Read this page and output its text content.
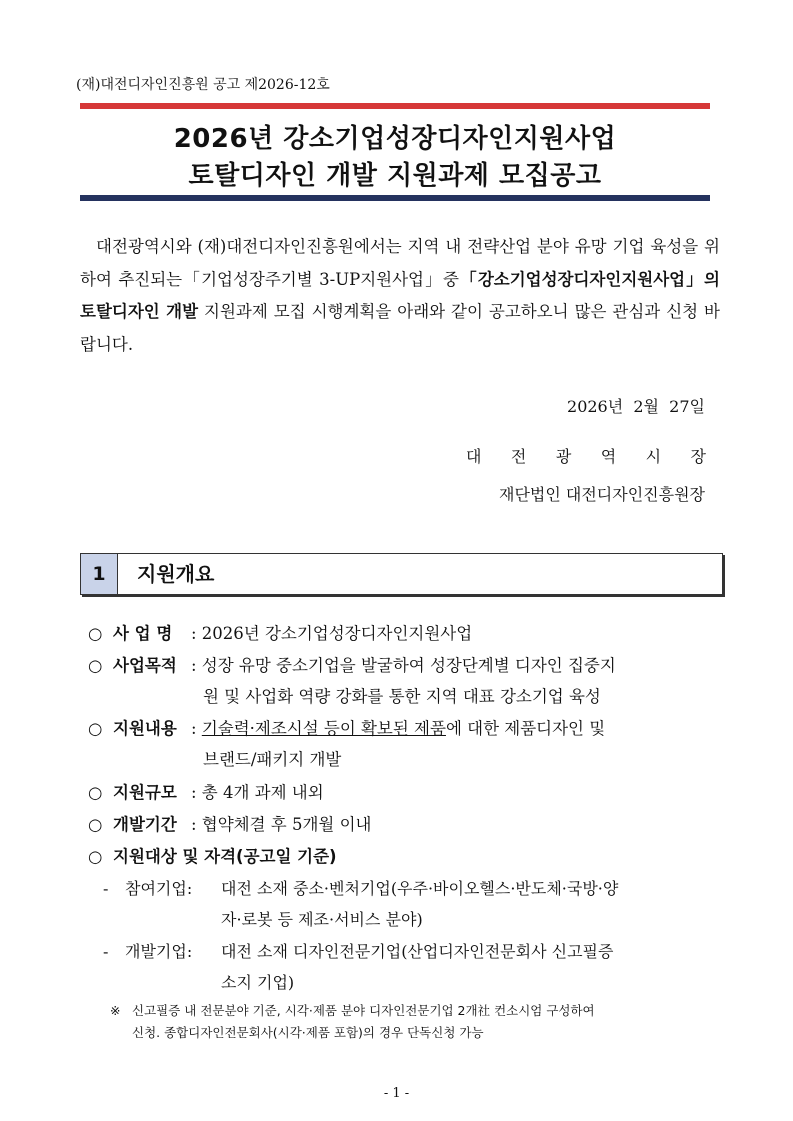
(재)대전디자인진흥원 공고 제2026-12호
2026년 강소기업성장디자인지원사업
토탈디자인 개발 지원과제 모집공고

대전광역시와 (재)대전디자인진흥원에서는 지역 내 전략산업 분야 유망 기업 육성을 위하여 추진되는「기업성장주기별 3-UP지원사업」중「강소기업성장디자인지원사업」의 토탈디자인 개발 지원과제 모집 시행계획을 아래와 같이 공고하오니 많은 관심과 신청 바랍니다.

2026년  2월  27일
대 전 광 역 시 장
재단법인 대전디자인진흥원장
1	지원개요
○ 사 업 명 : 2026년 강소기업성장디자인지원사업
○ 사업목적 : 성장 유망 중소기업을 발굴하여 성장단계별 디자인 집중지
원 및 사업화 역량 강화를 통한 지역 대표 강소기업 육성
○ 지원내용 : 기술력·제조시설 등이 확보된 제품에 대한 제품디자인 및
브랜드/패키지 개발
○ 지원규모 : 총 4개 과제 내외
○ 개발기간 : 협약체결 후 5개월 이내
○ 지원대상 및 자격(공고일 기준)
- 참여기업: 대전 소재 중소·벤처기업(우주·바이오헬스·반도체·국방·양
자·로봇 등 제조·서비스 분야)
- 개발기업: 대전 소재 디자인전문기업(산업디자인전문회사 신고필증
소지 기업)
※ 신고필증 내 전문분야 기준, 시각·제품 분야 디자인전문기업 2개社 컨소시엄 구성하여
신청. 종합디자인전문회사(시각·제품 포함)의 경우 단독신청 가능
- 1 -
